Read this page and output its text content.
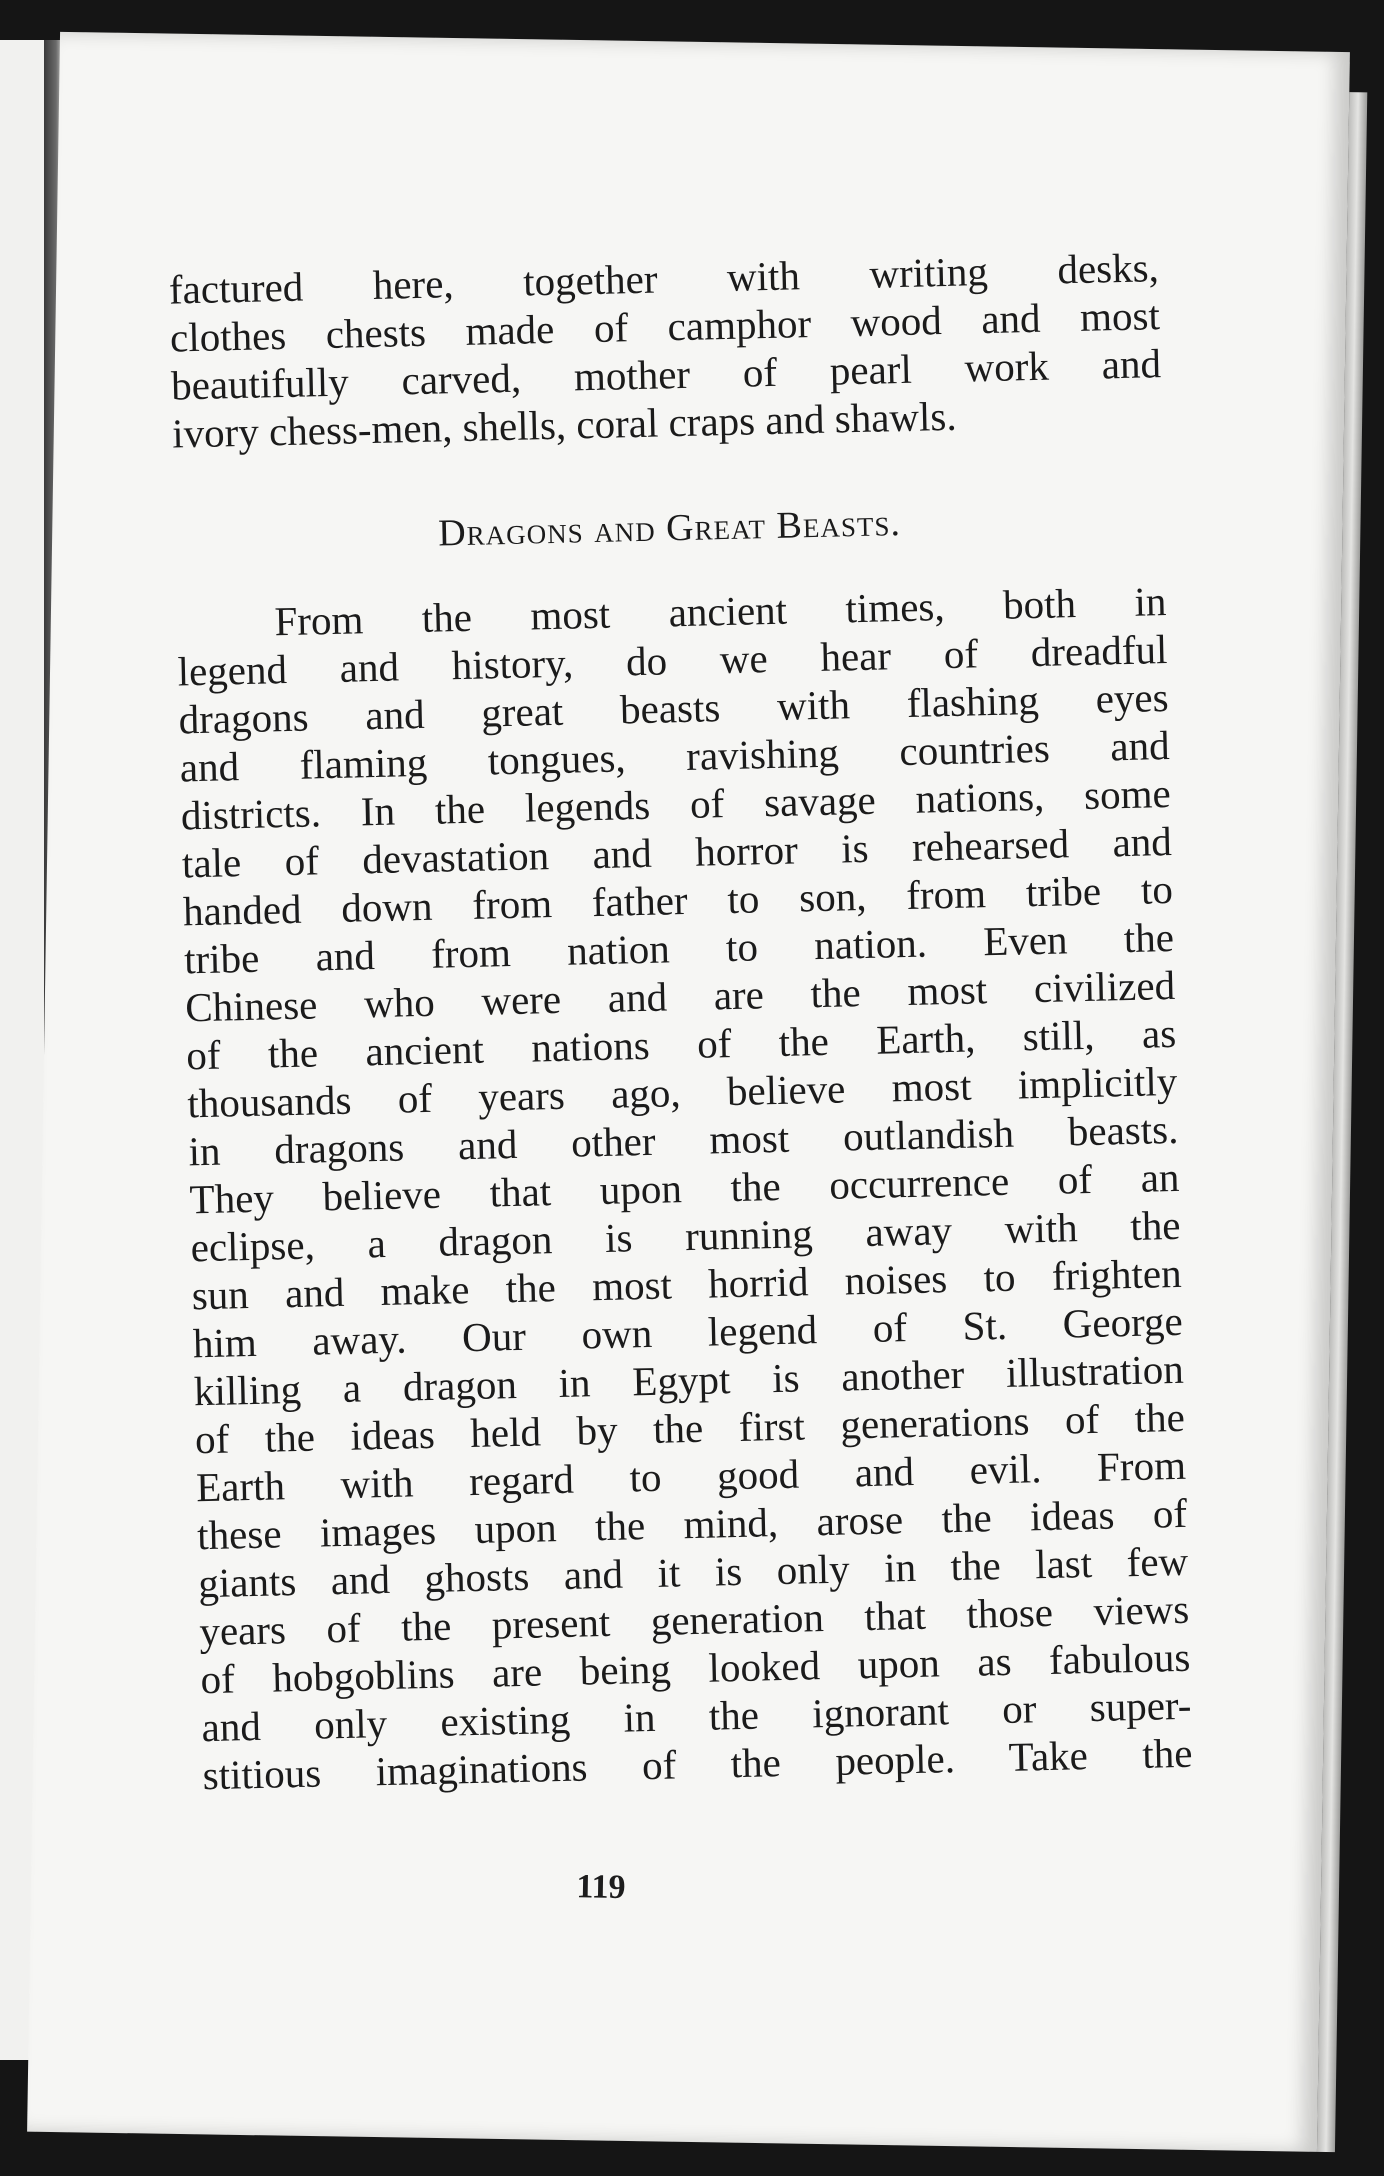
factured here, together with writing desks,
clothes chests made of camphor wood and most
beautifully carved, mother of pearl work and
ivory chess-men, shells, coral craps and shawls.
Dragons and Great Beasts.
From the most ancient times, both in
legend and history, do we hear of dreadful
dragons and great beasts with flashing eyes
and flaming tongues, ravishing countries and
districts. In the legends of savage nations, some
tale of devastation and horror is rehearsed and
handed down from father to son, from tribe to
tribe and from nation to nation. Even the
Chinese who were and are the most civilized
of the ancient nations of the Earth, still, as
thousands of years ago, believe most implicitly
in dragons and other most outlandish beasts.
They believe that upon the occurrence of an
eclipse, a dragon is running away with the
sun and make the most horrid noises to frighten
him away. Our own legend of St. George
killing a dragon in Egypt is another illustration
of the ideas held by the first generations of the
Earth with regard to good and evil. From
these images upon the mind, arose the ideas of
giants and ghosts and it is only in the last few
years of the present generation that those views
of hobgoblins are being looked upon as fabulous
and only existing in the ignorant or super-
stitious imaginations of the people. Take the
119
